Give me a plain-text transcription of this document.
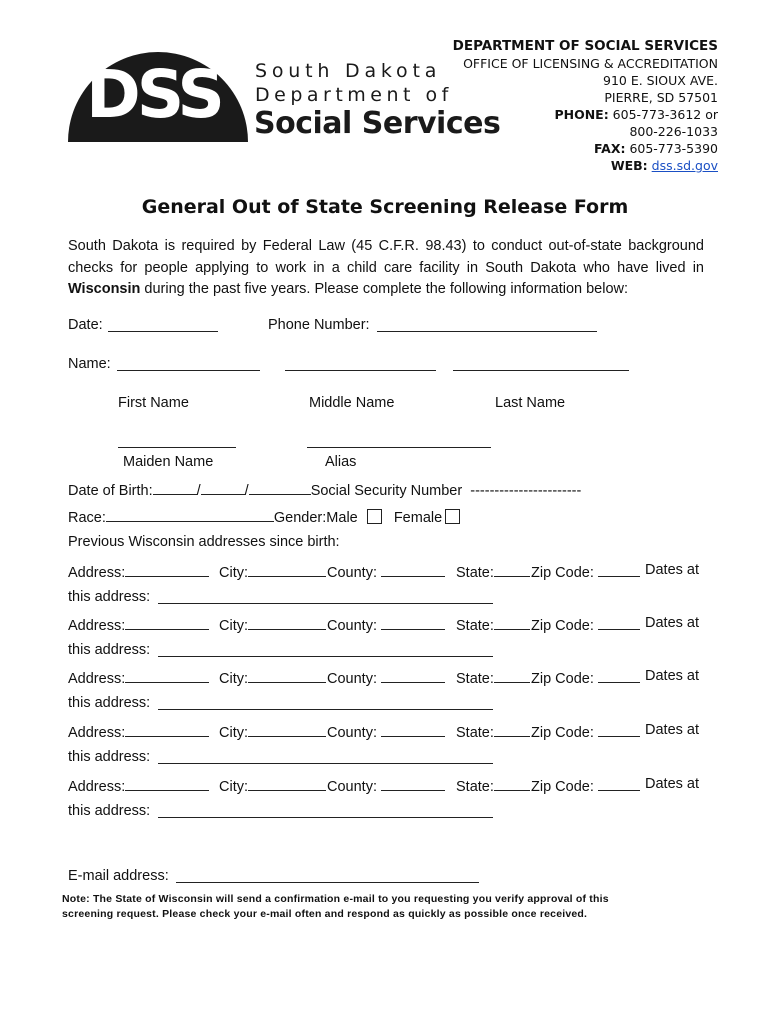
DSS South Dakota
Department of
Social Services
DEPARTMENT OF SOCIAL SERVICES
OFFICE OF LICENSING & ACCREDITATION
910 E. SIOUX AVE.
PIERRE, SD 57501
PHONE: 605-773-3612 or
800-226-1033
FAX: 605-773-5390
WEB: dss.sd.gov
General Out of State Screening Release Form
South Dakota is required by Federal Law (45 C.F.R. 98.43) to conduct out-of-state background checks for people applying to work in a child care facility in South Dakota who have lived in Wisconsin during the past five years. Please complete the following information below:
Date:	Phone Number:
Name:
First Name	Middle Name	Last Name
Maiden Name	Alias
Date of Birth:	/	/	Social Security Number -----------------------
Race:	Gender:Male Female
Previous Wisconsin addresses since birth:
Address:	City:	County:	State:	Zip Code:	Dates at
this address:
Address:	City:	County:	State:	Zip Code:	Dates at
this address:
Address:	City:	County:	State:	Zip Code:	Dates at
this address:
Address:	City:	County:	State:	Zip Code:	Dates at
this address:
Address:	City:	County:	State:	Zip Code:	Dates at
this address:
E-mail address:
Note: The State of Wisconsin will send a confirmation e-mail to you requesting you verify approval of this
screening request. Please check your e-mail often and respond as quickly as possible once received.
